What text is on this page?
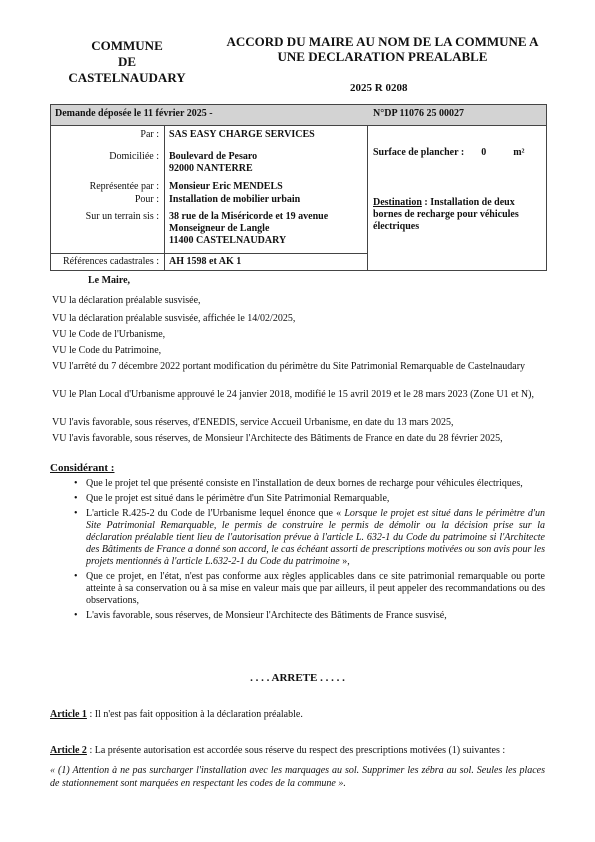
COMMUNE
DE
CASTELNAUDARY
ACCORD DU MAIRE AU NOM DE LA COMMUNE A
UNE DECLARATION PREALABLE
2025 R 0208
Demande déposée le 11 février 2025 -	N°DP 11076 25 00027
Par : SAS EASY CHARGE SERVICES
Domiciliée : Boulevard de Pesaro
92000 NANTERRE
Représentée par : Monsieur Eric MENDELS
Pour : Installation de mobilier urbain
Sur un terrain sis : 38 rue de la Miséricorde et 19 avenue
Monseigneur de Langle
11400 CASTELNAUDARY
Références cadastrales : AH 1598 et AK 1
Surface de plancher : 0	m²
Destination : Installation de deux bornes de recharge pour véhicules électriques
Le Maire,
VU la déclaration préalable susvisée,
VU la déclaration préalable susvisée, affichée le 14/02/2025,
VU le Code de l'Urbanisme,
VU le Code du Patrimoine,
VU l'arrêté du 7 décembre 2022 portant modification du périmètre du Site Patrimonial Remarquable de Castelnaudary
VU le Plan Local d'Urbanisme approuvé le 24 janvier 2018, modifié le 15 avril 2019 et le 28 mars 2023 (Zone U1 et N),
VU l'avis favorable, sous réserves, d'ENEDIS, service Accueil Urbanisme, en date du 13 mars 2025,
VU l'avis favorable, sous réserves, de Monsieur l'Architecte des Bâtiments de France en date du 28 février 2025,
Considérant :
• Que le projet tel que présenté consiste en l'installation de deux bornes de recharge pour véhicules électriques,
• Que le projet est situé dans le périmètre d'un Site Patrimonial Remarquable,
• L'article R.425-2 du Code de l'Urbanisme lequel énonce que « Lorsque le projet est situé dans le périmètre d'un Site Patrimonial Remarquable, le permis de construire le permis de démolir ou la décision prise sur la déclaration préalable tient lieu de l'autorisation prévue à l'article L. 632-1 du Code du patrimoine si l'Architecte des Bâtiments de France a donné son accord, le cas échéant assorti de prescriptions motivées ou son avis pour les projets mentionnés à l'article L.632-2-1 du Code du patrimoine »,
• Que ce projet, en l'état, n'est pas conforme aux règles applicables dans ce site patrimonial remarquable ou porte atteinte à sa conservation ou à sa mise en valeur mais que par ailleurs, il peut appeler des recommandations ou des observations,
• L'avis favorable, sous réserves, de Monsieur l'Architecte des Bâtiments de France susvisé,
. . . . ARRETE . . . . .
Article 1 : Il n'est pas fait opposition à la déclaration préalable.
Article 2 : La présente autorisation est accordée sous réserve du respect des prescriptions motivées (1) suivantes :
« (1) Attention à ne pas surcharger l'installation avec les marquages au sol. Supprimer les zébra au sol. Seules les places de stationnement sont marquées en respectant les codes de la commune ».
